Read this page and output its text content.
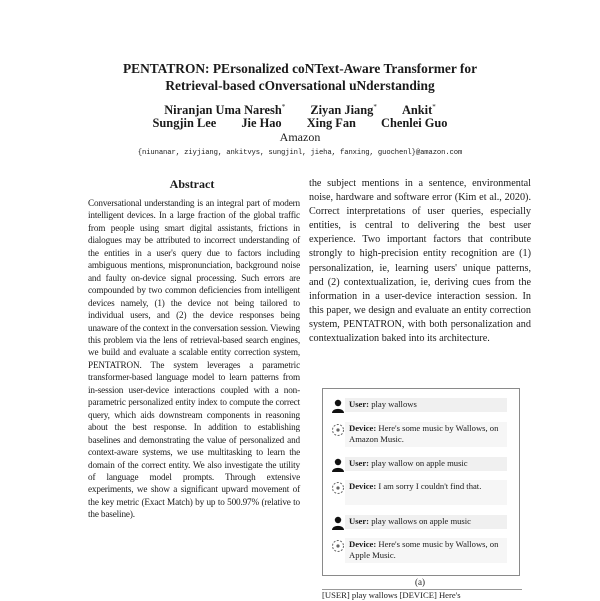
PENTATRON: PErsonalized coNText-Aware Transformer for
Retrieval-based cOnversational uNderstanding
Niranjan Uma Naresh* Ziyan Jiang* Ankit*
Sungjin Lee Jie Hao Xing Fan Chenlei Guo
Amazon
{niunanar, ziyjiang, ankitvys, sungjinl, jieha, fanxing, guochenl}@amazon.com
Abstract
Conversational understanding is an integral part of modern intelligent devices. In a large fraction of the global traffic from people using smart digital assistants, frictions in dialogues may be attributed to incorrect understanding of the entities in a user's query due to factors including ambiguous mentions, mispronunciation, background noise and faulty on-device signal processing. Such errors are compounded by two common deficiencies from intelligent devices namely, (1) the device not being tailored to individual users, and (2) the device responses being unaware of the context in the conversation session. Viewing this problem via the lens of retrieval-based search engines, we build and evaluate a scalable entity correction system, PENTATRON. The system leverages a parametric transformer-based language model to learn patterns from in-session user-device interactions coupled with a non-parametric personalized entity index to compute the correct query, which aids downstream components in reasoning about the best response. In addition to establishing baselines and demonstrating the value of personalized and context-aware systems, we use multitasking to learn the domain of the correct entity. We also investigate the utility of language model prompts. Through extensive experiments, we show a significant upward movement of the key metric (Exact Match) by up to 500.97% (relative to the baseline).
the subject mentions in a sentence, environmental noise, hardware and software error (Kim et al., 2020). Correct interpretations of user queries, especially entities, is central to delivering the best user experience. Two important factors that contribute strongly to high-precision entity recognition are (1) personalization, ie, learning users' unique patterns, and (2) contextualization, ie, deriving cues from the information in a user-device interaction session. In this paper, we design and evaluate an entity correction system, PENTATRON, with both personalization and contextualization baked into its architecture.
User: play wallows
Device: Here's some music by Wallows, on Amazon Music.
User: play wallow on apple music
Device: I am sorry I couldn't find that.
User: play wallows on apple music
Device: Here's some music by Wallows, on Apple Music.
(a)
[USER] play wallows [DEVICE] Here's
